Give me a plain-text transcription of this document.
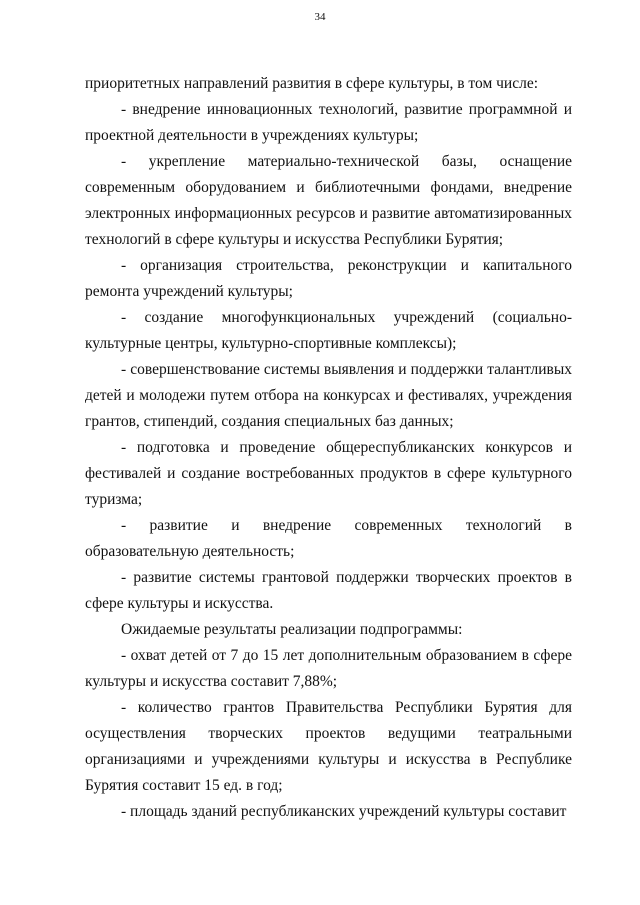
34

приоритетных направлений развития в сфере культуры, в том числе:

- внедрение инновационных технологий, развитие программной и проектной деятельности в учреждениях культуры;

- укрепление материально-технической базы, оснащение современным оборудованием и библиотечными фондами, внедрение электронных информационных ресурсов и развитие автоматизированных технологий в сфере культуры и искусства Республики Бурятия;

- организация строительства, реконструкции и капитального ремонта учреждений культуры;

- создание многофункциональных учреждений (социально-культурные центры, культурно-спортивные комплексы);

- совершенствование системы выявления и поддержки талантливых детей и молодежи путем отбора на конкурсах и фестивалях, учреждения грантов, стипендий, создания специальных баз данных;

- подготовка и проведение общереспубликанских конкурсов и фестивалей и создание востребованных продуктов в сфере культурного туризма;

- развитие и внедрение современных технологий в образовательную деятельность;

- развитие системы грантовой поддержки творческих проектов в сфере культуры и искусства.

Ожидаемые результаты реализации подпрограммы:

- охват детей от 7 до 15 лет дополнительным образованием в сфере культуры и искусства составит 7,88%;

- количество грантов Правительства Республики Бурятия для осуществления творческих проектов ведущими театральными организациями и учреждениями культуры и искусства в Республике Бурятия составит 15 ед. в год;

- площадь зданий республиканских учреждений культуры составит
